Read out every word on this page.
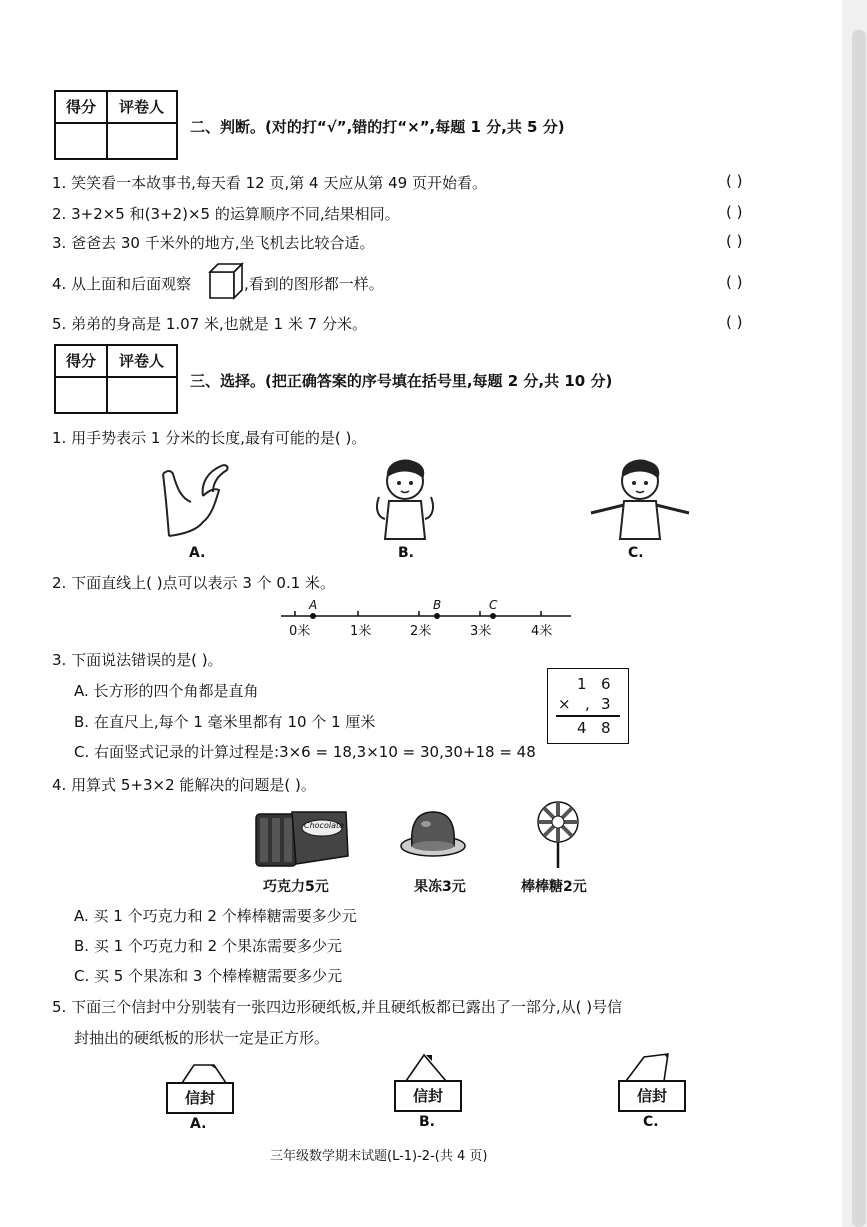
得分	评卷人
二、判断。(对的打“√”,错的打“×”,每题 1 分,共 5 分)
1. 笑笑看一本故事书,每天看 12 页,第 4 天应从第 49 页开始看。	( )
2. 3+2×5 和(3+2)×5 的运算顺序不同,结果相同。	( )
3. 爸爸去 30 千米外的地方,坐飞机去比较合适。	( )
4. 从上面和后面观察	,看到的图形都一样。	( )
5. 弟弟的身高是 1.07 米,也就是 1 米 7 分米。	( )
得分	评卷人
三、选择。(把正确答案的序号填在括号里,每题 2 分,共 10 分)
1. 用手势表示 1 分米的长度,最有可能的是( )。
A.	B.	C.
2. 下面直线上( )点可以表示 3 个 0.1 米。
A	B	C
0米	1米	2米	3米	4米
3. 下面说法错误的是( )。
A. 长方形的四个角都是直角
B. 在直尺上,每个 1 毫米里都有 10 个 1 厘米
C. 右面竖式记录的计算过程是:3×6 = 18,3×10 = 30,30+18 = 48
1 6
× , 3
4 8
4. 用算式 5+3×2 能解决的问题是( )。
Chocolate
巧克力5元	果冻3元	棒棒糖2元
A. 买 1 个巧克力和 2 个棒棒糖需要多少元
B. 买 1 个巧克力和 2 个果冻需要多少元
C. 买 5 个果冻和 3 个棒棒糖需要多少元
5. 下面三个信封中分别装有一张四边形硬纸板,并且硬纸板都已露出了一部分,从( )号信
封抽出的硬纸板的形状一定是正方形。
信封
A.
信封
B.
信封
C.
三年级数学期末试题(L-1)-2-(共 4 页)
